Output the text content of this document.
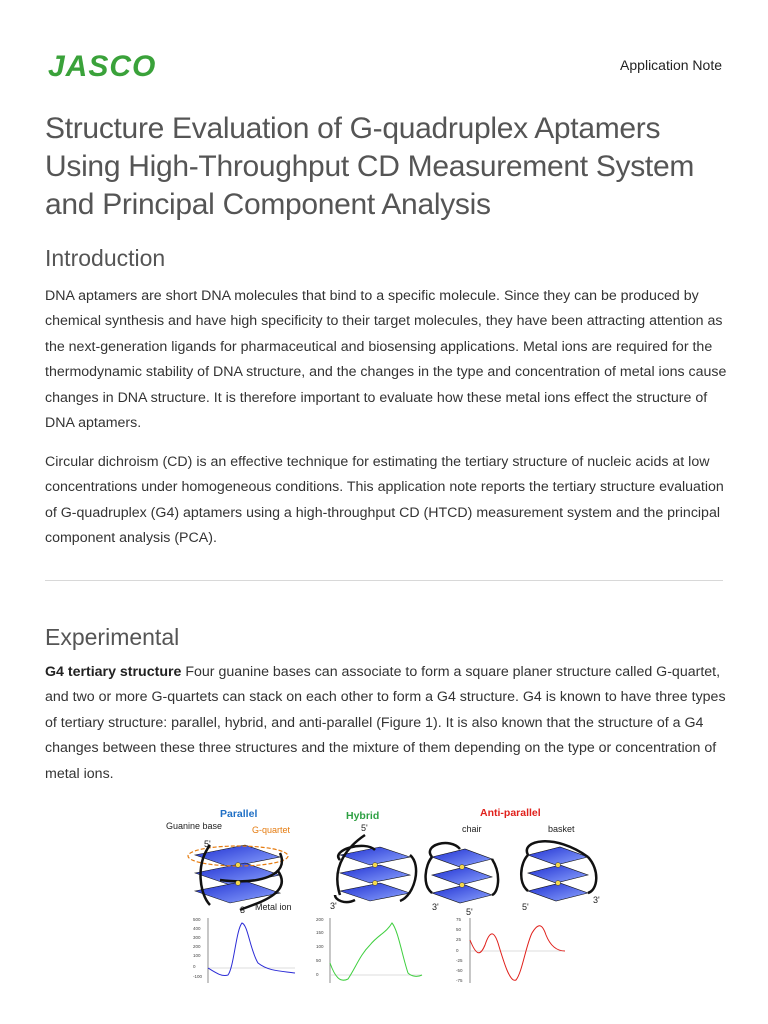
JASCO	Application Note
Structure Evaluation of G-quadruplex Aptamers Using High-Throughput CD Measurement System and Principal Component Analysis
Introduction

DNA aptamers are short DNA molecules that bind to a specific molecule. Since they can be produced by chemical synthesis and have high specificity to their target molecules, they have been attracting attention as the next-generation ligands for pharmaceutical and biosensing applications. Metal ions are required for the thermodynamic stability of DNA structure, and the changes in the type and concentration of metal ions cause changes in DNA structure. It is therefore important to evaluate how these metal ions effect the structure of DNA aptamers.

Circular dichroism (CD) is an effective technique for estimating the tertiary structure of nucleic acids at low concentrations under homogeneous conditions. This application note reports the tertiary structure evaluation of G-quadruplex (G4) aptamers using a high-throughput CD (HTCD) measurement system and the principal component analysis (PCA).

Experimental

G4 tertiary structure Four guanine bases can associate to form a square planer structure called G-quartet, and two or more G-quartets can stack on each other to form a G4 structure. G4 is known to have three types of tertiary structure: parallel, hybrid, and anti-parallel (Figure 1). It is also known that the structure of a G4 changes between these three structures and the mixture of them depending on the type or concentration of metal ions.

Parallel	Hybrid	Anti-parallel
chair	basket
Guanine base	G-quartet
5'
5'
3' Metal ion	3'	3'	5'	5'
3'
500
400
300
200
100
0
-100
200
150
100
50
0
75
50
25
0
-25
-50
-75
